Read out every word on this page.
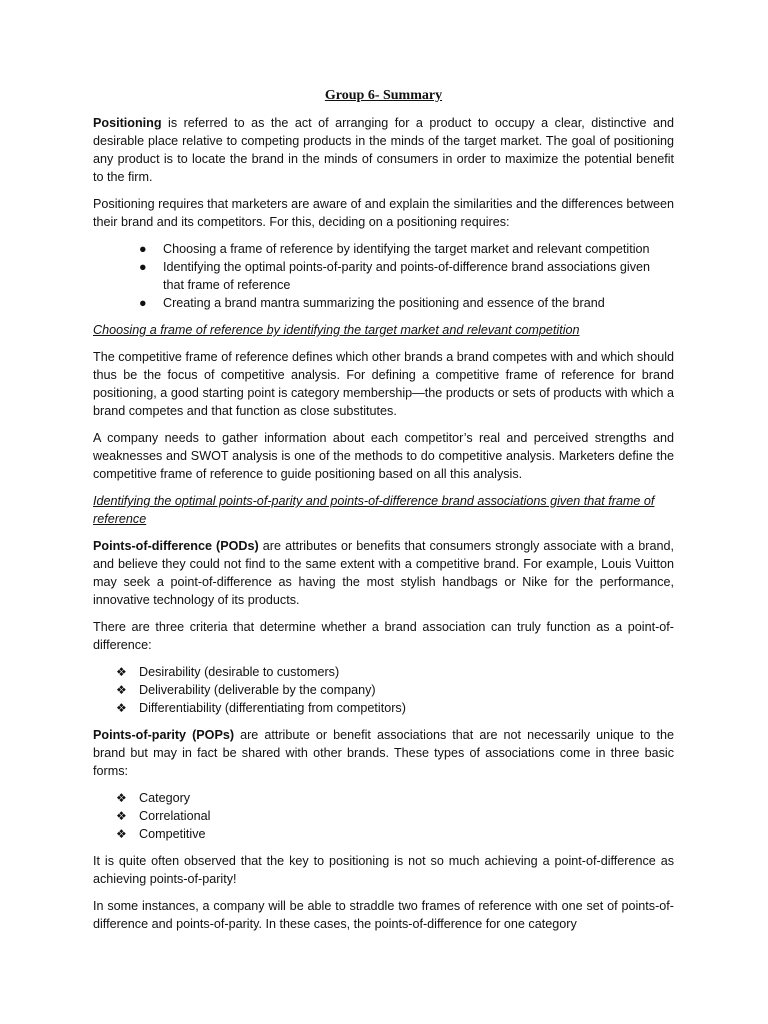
Group 6- Summary

Positioning is referred to as the act of arranging for a product to occupy a clear, distinctive and desirable place relative to competing products in the minds of the target market. The goal of positioning any product is to locate the brand in the minds of consumers in order to maximize the potential benefit to the firm.

Positioning requires that marketers are aware of and explain the similarities and the differences between their brand and its competitors. For this, deciding on a positioning requires:

● Choosing a frame of reference by identifying the target market and relevant competition
● Identifying the optimal points-of-parity and points-of-difference brand associations given that frame of reference
● Creating a brand mantra summarizing the positioning and essence of the brand

Choosing a frame of reference by identifying the target market and relevant competition

The competitive frame of reference defines which other brands a brand competes with and which should thus be the focus of competitive analysis. For defining a competitive frame of reference for brand positioning, a good starting point is category membership—the products or sets of products with which a brand competes and that function as close substitutes.

A company needs to gather information about each competitor’s real and perceived strengths and weaknesses and SWOT analysis is one of the methods to do competitive analysis. Marketers define the competitive frame of reference to guide positioning based on all this analysis.

Identifying the optimal points-of-parity and points-of-difference brand associations given that frame of reference

Points-of-difference (PODs) are attributes or benefits that consumers strongly associate with a brand, and believe they could not find to the same extent with a competitive brand. For example, Louis Vuitton may seek a point-of-difference as having the most stylish handbags or Nike for the performance, innovative technology of its products.

There are three criteria that determine whether a brand association can truly function as a point-of-difference:

❖ Desirability (desirable to customers)
❖ Deliverability (deliverable by the company)
❖ Differentiability (differentiating from competitors)

Points-of-parity (POPs) are attribute or benefit associations that are not necessarily unique to the brand but may in fact be shared with other brands. These types of associations come in three basic forms:

❖ Category
❖ Correlational
❖ Competitive

It is quite often observed that the key to positioning is not so much achieving a point-of-difference as achieving points-of-parity!

In some instances, a company will be able to straddle two frames of reference with one set of points-of-difference and points-of-parity. In these cases, the points-of-difference for one category
